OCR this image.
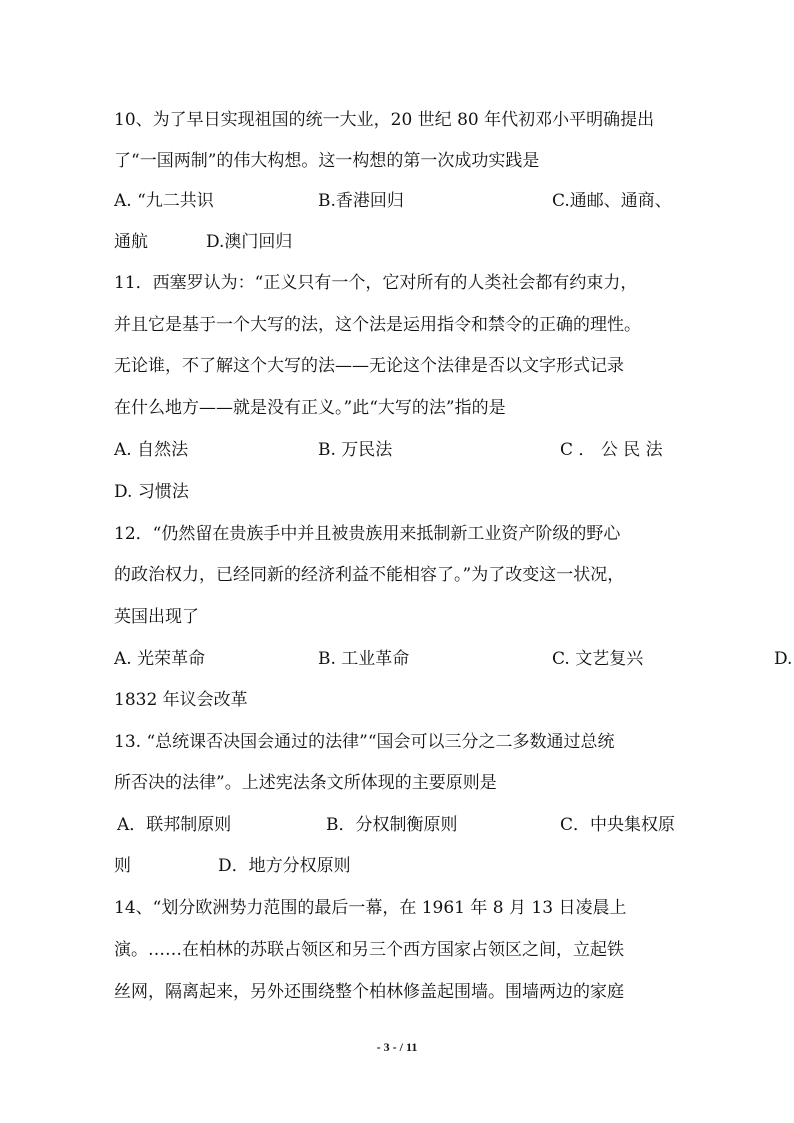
10、为了早日实现祖国的统一大业，20 世纪 80 年代初邓小平明确提出
了“一国两制”的伟大构想。这一构想的第一次成功实践是
A. “九二共识	B.香港回归	C.通邮、通商、
通航	D.澳门回归
11．西塞罗认为：“正义只有一个，它对所有的人类社会都有约束力，
并且它是基于一个大写的法，这个法是运用指令和禁令的正确的理性。
无论谁，不了解这个大写的法——无论这个法律是否以文字形式记录
在什么地方——就是没有正义。”此“大写的法”指的是
A. 自然法	B. 万民法	C ． 公 民 法
D. 习惯法
12．“仍然留在贵族手中并且被贵族用来抵制新工业资产阶级的野心
的政治权力，已经同新的经济利益不能相容了。”为了改变这一状况，
英国出现了
A. 光荣革命	B. 工业革命	C. 文艺复兴	D.
1832 年议会改革
13. “总统课否决国会通过的法律”“国会可以三分之二多数通过总统
所否决的法律”。上述宪法条文所体现的主要原则是
A．联邦制原则	B．分权制衡原则	C．中央集权原
则	D．地方分权原则
14、“划分欧洲势力范围的最后一幕，在 1961 年 8 月 13 日凌晨上
演。……在柏林的苏联占领区和另三个西方国家占领区之间，立起铁
丝网，隔离起来，另外还围绕整个柏林修盖起围墙。围墙两边的家庭
- 3 - / 11
